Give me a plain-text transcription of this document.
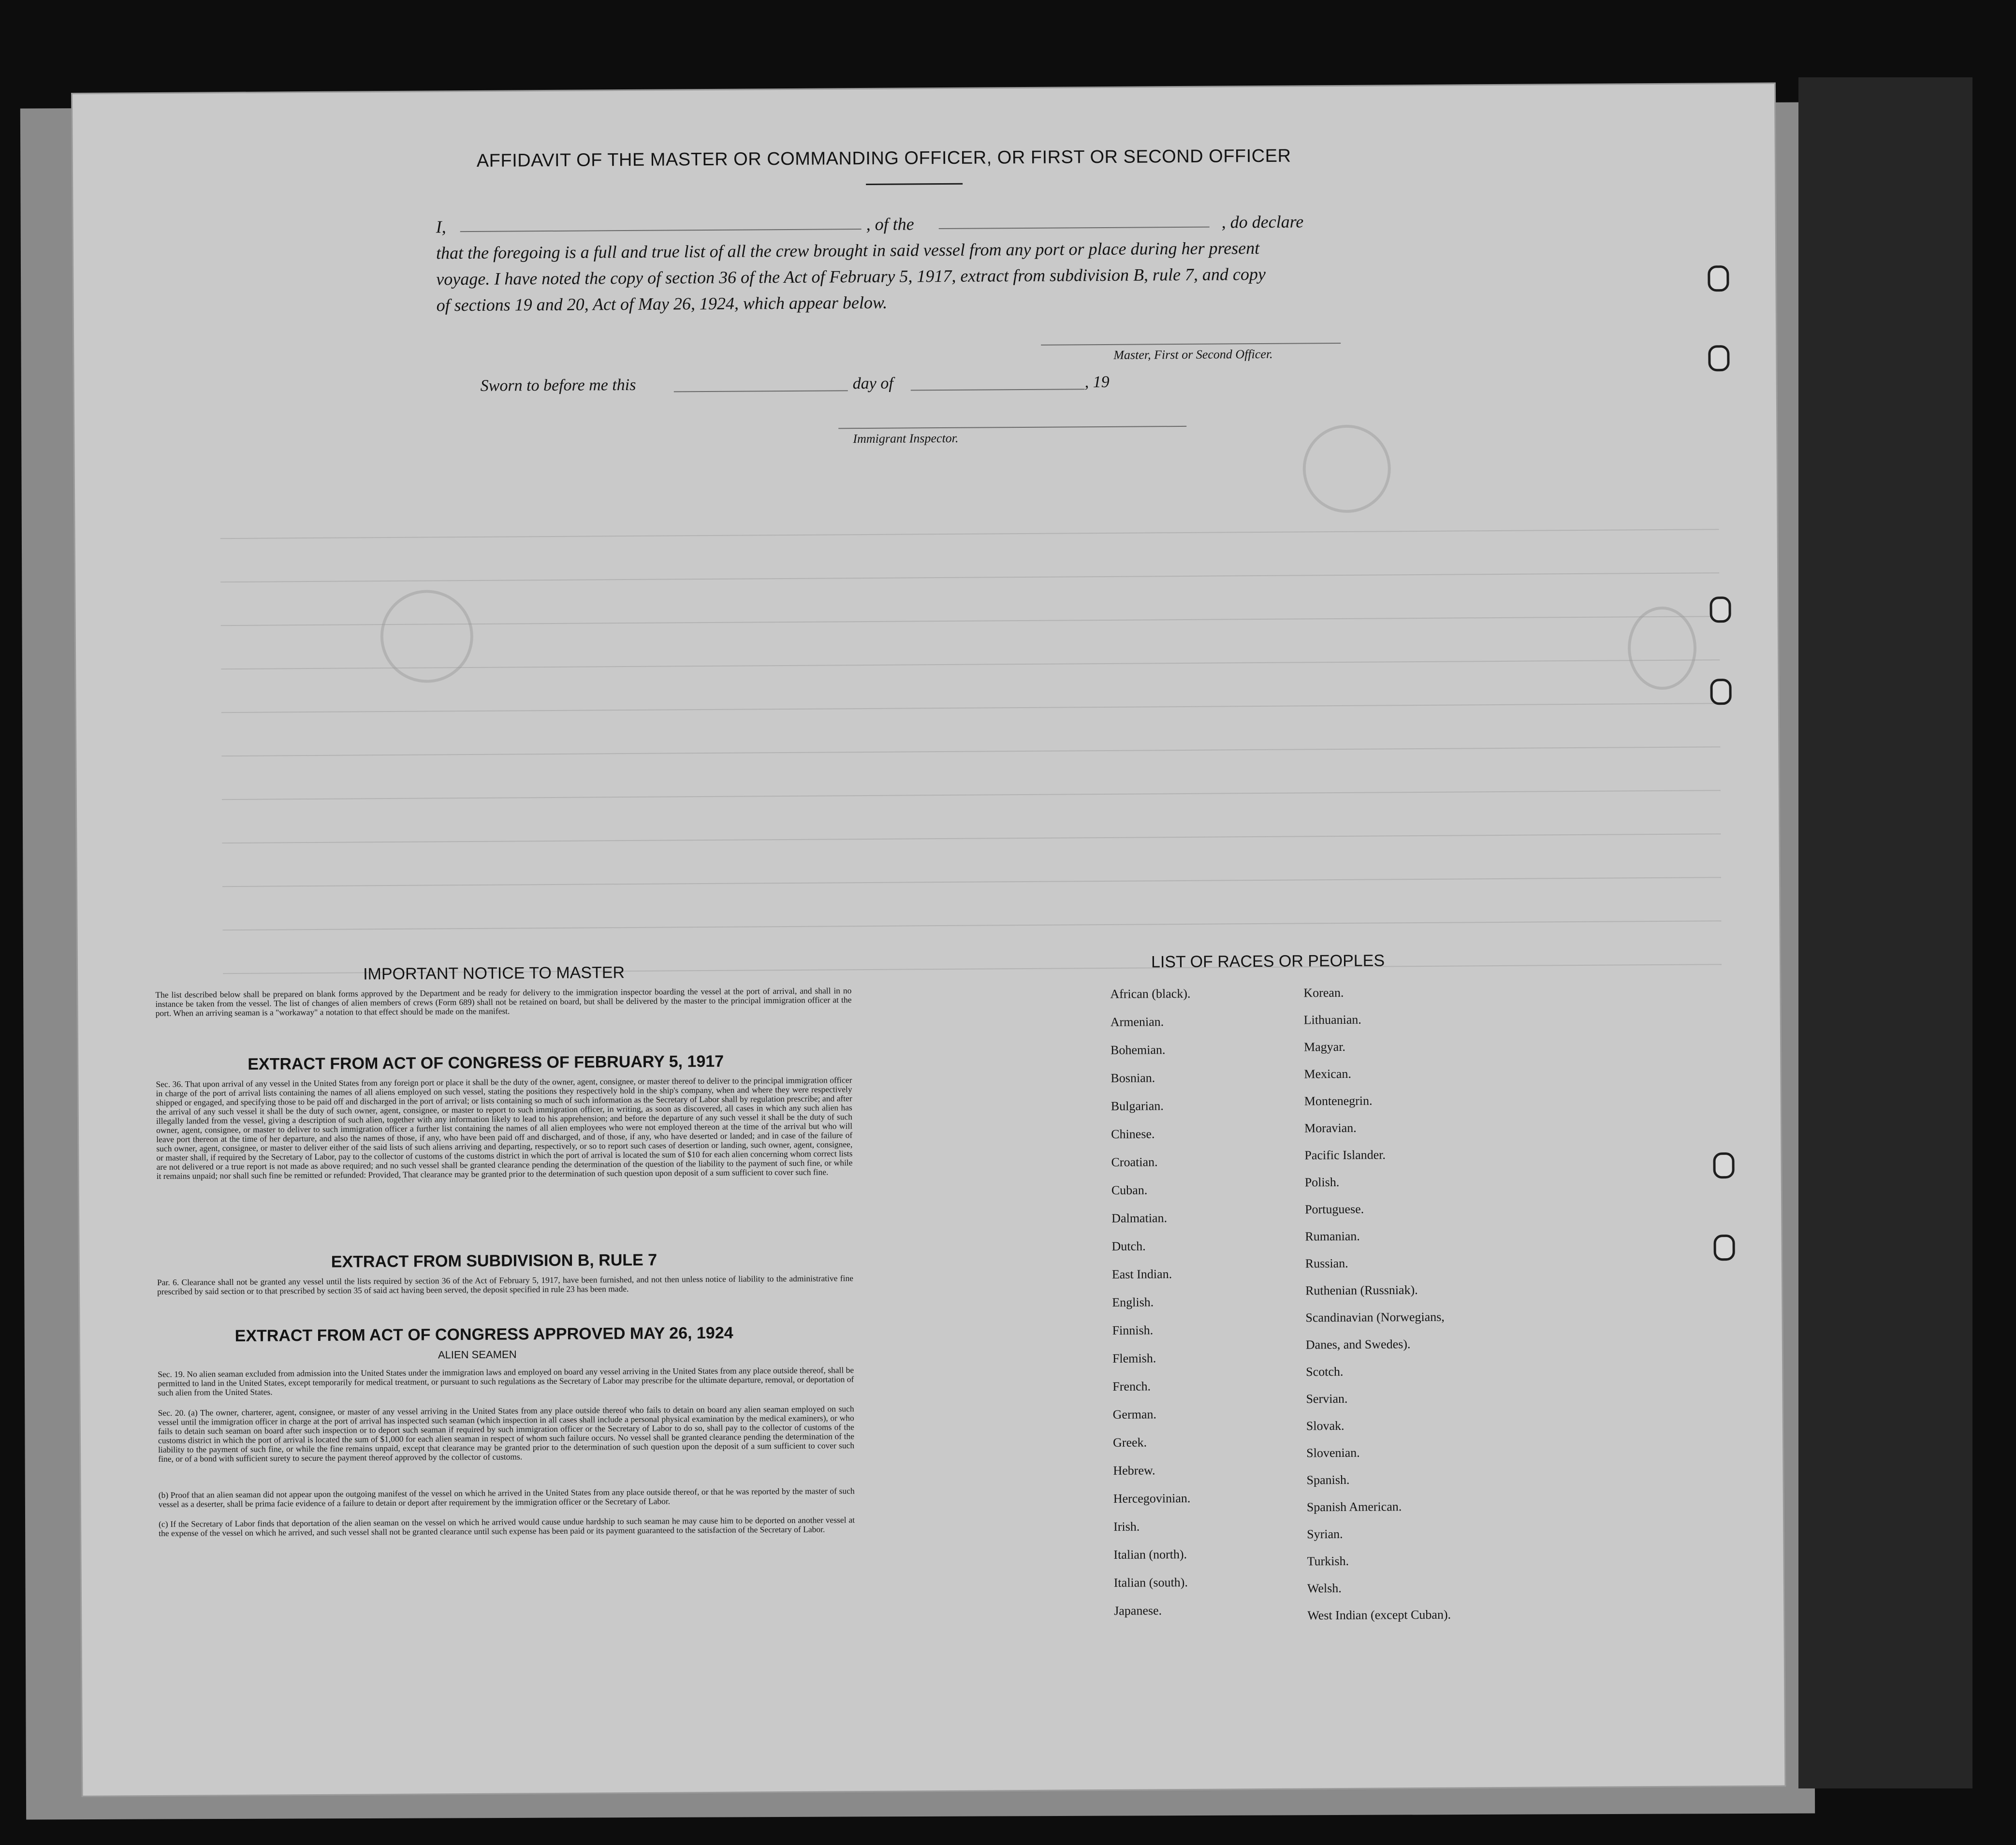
AFFIDAVIT OF THE MASTER OR COMMANDING OFFICER, OR FIRST OR SECOND OFFICER
I,	, of the	, do declare
that the foregoing is a full and true list of all the crew brought in said vessel from any port or place during her present
voyage. I have noted the copy of section 36 of the Act of February 5, 1917, extract from subdivision B, rule 7, and copy
of sections 19 and 20, Act of May 26, 1924, which appear below.
Master, First or Second Officer.
Sworn to before me this	day of	, 19
Immigrant Inspector.
IMPORTANT NOTICE TO MASTER
The list described below shall be prepared on blank forms approved by the Department and be ready for delivery to the immigration inspector boarding the vessel at the port of arrival, and shall in no instance be taken from the vessel. The list of changes of alien members of crews (Form 689) shall not be retained on board, but shall be delivered by the master to the principal immigration officer at the port. When an arriving seaman is a "workaway" a notation to that effect should be made on the manifest.
EXTRACT FROM ACT OF CONGRESS OF FEBRUARY 5, 1917
Sec. 36. That upon arrival of any vessel in the United States from any foreign port or place it shall be the duty of the owner, agent, consignee, or master thereof to deliver to the principal immigration officer in charge of the port of arrival lists containing the names of all aliens employed on such vessel, stating the positions they respectively hold in the ship's company, when and where they were respectively shipped or engaged, and specifying those to be paid off and discharged in the port of arrival; or lists containing so much of such information as the Secretary of Labor shall by regulation prescribe; and after the arrival of any such vessel it shall be the duty of such owner, agent, consignee, or master to report to such immigration officer, in writing, as soon as discovered, all cases in which any such alien has illegally landed from the vessel, giving a description of such alien, together with any information likely to lead to his apprehension; and before the departure of any such vessel it shall be the duty of such owner, agent, consignee, or master to deliver to such immigration officer a further list containing the names of all alien employees who were not employed thereon at the time of the arrival but who will leave port thereon at the time of her departure, and also the names of those, if any, who have been paid off and discharged, and of those, if any, who have deserted or landed; and in case of the failure of such owner, agent, consignee, or master to deliver either of the said lists of such aliens arriving and departing, respectively, or so to report such cases of desertion or landing, such owner, agent, consignee, or master shall, if required by the Secretary of Labor, pay to the collector of customs of the customs district in which the port of arrival is located the sum of $10 for each alien concerning whom correct lists are not delivered or a true report is not made as above required; and no such vessel shall be granted clearance pending the determination of the question of the liability to the payment of such fine, or while it remains unpaid; nor shall such fine be remitted or refunded: Provided, That clearance may be granted prior to the determination of such question upon deposit of a sum sufficient to cover such fine.
EXTRACT FROM SUBDIVISION B, RULE 7
Par. 6. Clearance shall not be granted any vessel until the lists required by section 36 of the Act of February 5, 1917, have been furnished, and not then unless notice of liability to the administrative fine prescribed by said section or to that prescribed by section 35 of said act having been served, the deposit specified in rule 23 has been made.
EXTRACT FROM ACT OF CONGRESS APPROVED MAY 26, 1924
ALIEN SEAMEN
Sec. 19. No alien seaman excluded from admission into the United States under the immigration laws and employed on board any vessel arriving in the United States from any place outside thereof, shall be permitted to land in the United States, except temporarily for medical treatment, or pursuant to such regulations as the Secretary of Labor may prescribe for the ultimate departure, removal, or deportation of such alien from the United States.
Sec. 20. (a) The owner, charterer, agent, consignee, or master of any vessel arriving in the United States from any place outside thereof who fails to detain on board any alien seaman employed on such vessel until the immigration officer in charge at the port of arrival has inspected such seaman (which inspection in all cases shall include a personal physical examination by the medical examiners), or who fails to detain such seaman on board after such inspection or to deport such seaman if required by such immigration officer or the Secretary of Labor to do so, shall pay to the collector of customs of the customs district in which the port of arrival is located the sum of $1,000 for each alien seaman in respect of whom such failure occurs. No vessel shall be granted clearance pending the determination of the liability to the payment of such fine, or while the fine remains unpaid, except that clearance may be granted prior to the determination of such question upon the deposit of a sum sufficient to cover such fine, or of a bond with sufficient surety to secure the payment thereof approved by the collector of customs.
(b) Proof that an alien seaman did not appear upon the outgoing manifest of the vessel on which he arrived in the United States from any place outside thereof, or that he was reported by the master of such vessel as a deserter, shall be prima facie evidence of a failure to detain or deport after requirement by the immigration officer or the Secretary of Labor.
(c) If the Secretary of Labor finds that deportation of the alien seaman on the vessel on which he arrived would cause undue hardship to such seaman he may cause him to be deported on another vessel at the expense of the vessel on which he arrived, and such vessel shall not be granted clearance until such expense has been paid or its payment guaranteed to the satisfaction of the Secretary of Labor.
LIST OF RACES OR PEOPLES
African (black).
Armenian.
Bohemian.
Bosnian.
Bulgarian.
Chinese.
Croatian.
Cuban.
Dalmatian.
Dutch.
East Indian.
English.
Finnish.
Flemish.
French.
German.
Greek.
Hebrew.
Hercegovinian.
Irish.
Italian (north).
Italian (south).
Japanese.
Korean.
Lithuanian.
Magyar.
Mexican.
Montenegrin.
Moravian.
Pacific Islander.
Polish.
Portuguese.
Rumanian.
Russian.
Ruthenian (Russniak).
Scandinavian (Norwegians,
Danes, and Swedes).
Scotch.
Servian.
Slovak.
Slovenian.
Spanish.
Spanish American.
Syrian.
Turkish.
Welsh.
West Indian (except Cuban).
